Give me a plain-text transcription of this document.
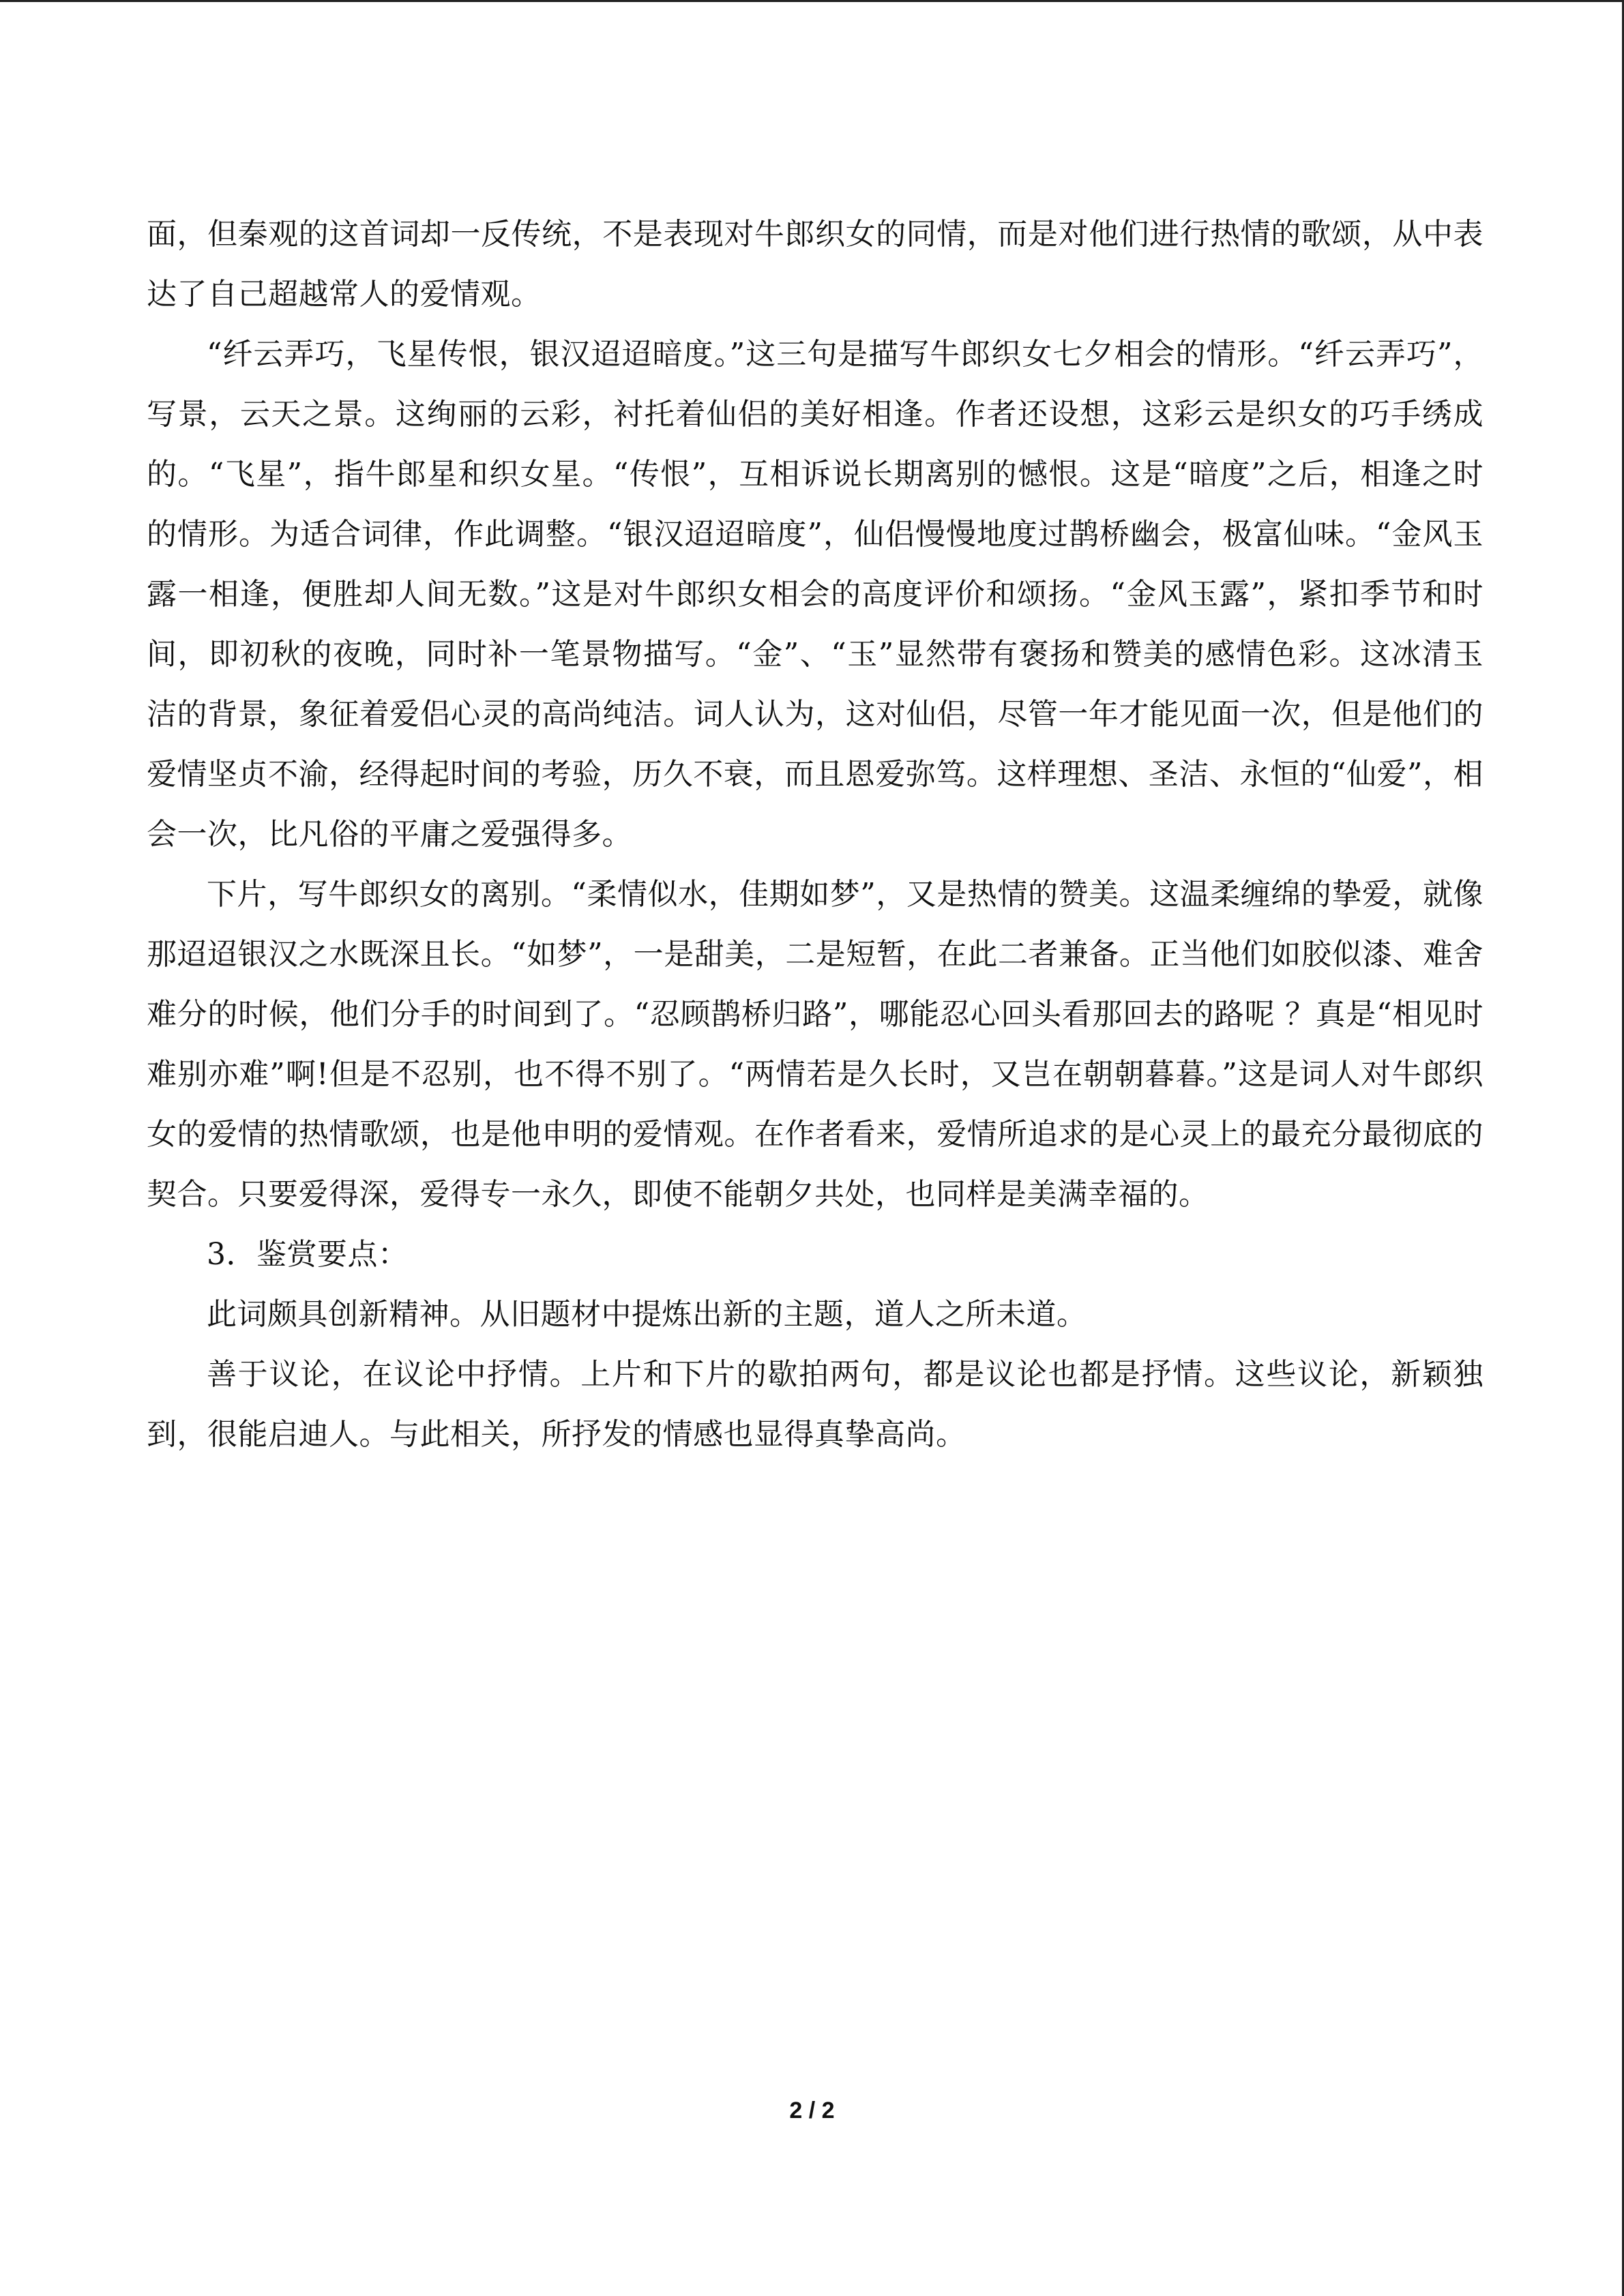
面，但秦观的这首词却一反传统，不是表现对牛郎织女的同情，而是对他们进行热情的歌颂，从中表达了自己超越常人的爱情观。

“纤云弄巧，飞星传恨，银汉迢迢暗度。”这三句是描写牛郎织女七夕相会的情形。“纤云弄巧”，写景，云天之景。这绚丽的云彩，衬托着仙侣的美好相逢。作者还设想，这彩云是织女的巧手绣成的。“飞星”，指牛郎星和织女星。“传恨”，互相诉说长期离别的憾恨。这是“暗度”之后，相逢之时的情形。为适合词律，作此调整。“银汉迢迢暗度”，仙侣慢慢地度过鹊桥幽会，极富仙味。“金风玉露一相逢，便胜却人间无数。”这是对牛郎织女相会的高度评价和颂扬。“金风玉露”，紧扣季节和时间，即初秋的夜晚，同时补一笔景物描写。“金”、“玉”显然带有褒扬和赞美的感情色彩。这冰清玉洁的背景，象征着爱侣心灵的高尚纯洁。词人认为，这对仙侣，尽管一年才能见面一次，但是他们的爱情坚贞不渝，经得起时间的考验，历久不衰，而且恩爱弥笃。这样理想、圣洁、永恒的“仙爱”，相会一次，比凡俗的平庸之爱强得多。

下片，写牛郎织女的离别。“柔情似水，佳期如梦”，又是热情的赞美。这温柔缠绵的挚爱，就像那迢迢银汉之水既深且长。“如梦”，一是甜美，二是短暂，在此二者兼备。正当他们如胶似漆、难舍难分的时候，他们分手的时间到了。“忍顾鹊桥归路”，哪能忍心回头看那回去的路呢 ？真是“相见时难别亦难”啊!但是不忍别，也不得不别了。“两情若是久长时，又岂在朝朝暮暮。”这是词人对牛郎织女的爱情的热情歌颂，也是他申明的爱情观。在作者看来，爱情所追求的是心灵上的最充分最彻底的契合。只要爱得深，爱得专一永久，即使不能朝夕共处，也同样是美满幸福的。

3．鉴赏要点：

此词颇具创新精神。从旧题材中提炼出新的主题，道人之所未道。

善于议论，在议论中抒情。上片和下片的歇拍两句，都是议论也都是抒情。这些议论，新颖独到，很能启迪人。与此相关，所抒发的情感也显得真挚高尚。

2 / 2
